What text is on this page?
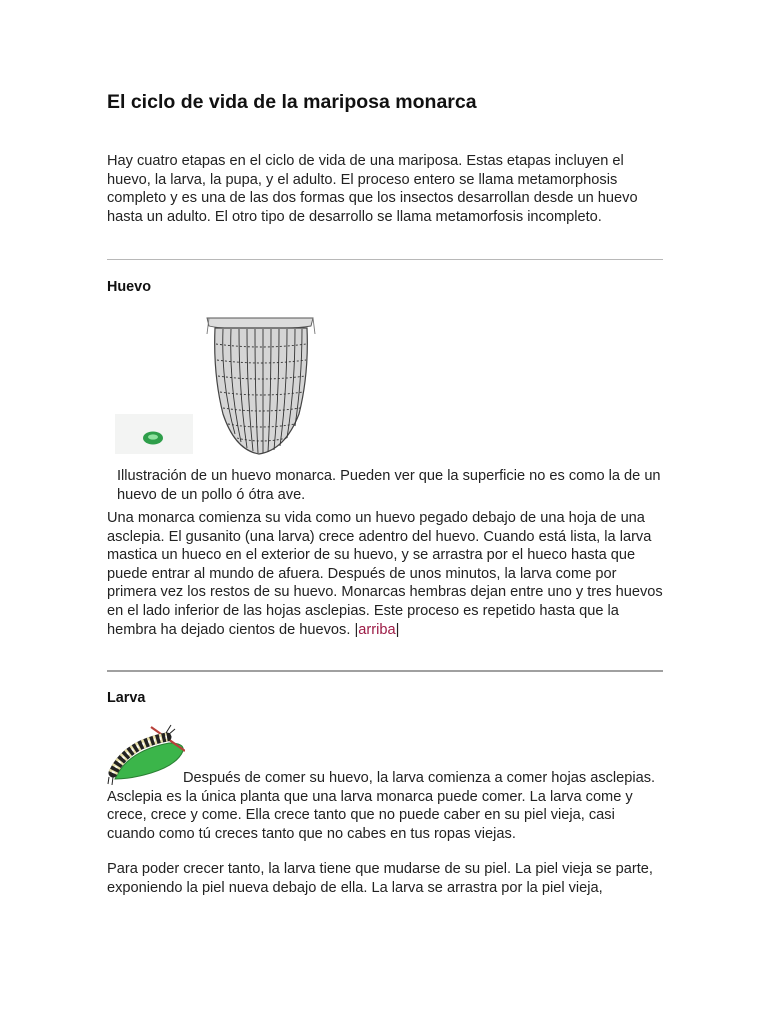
El ciclo de vida de la mariposa monarca

Hay cuatro etapas en el ciclo de vida de una mariposa. Estas etapas incluyen el huevo, la larva, la pupa, y el adulto. El proceso entero se llama metamorphosis completo y es una de las dos formas que los insectos desarrollan desde un huevo hasta un adulto. El otro tipo de desarrollo se llama metamorfosis incompleto.

Huevo

Illustración de un huevo monarca. Pueden ver que la superficie no es como la de un huevo de un pollo ó ótra ave.

Una monarca comienza su vida como un huevo pegado debajo de una hoja de una asclepia. El gusanito (una larva) crece adentro del huevo. Cuando está lista, la larva mastica un hueco en el exterior de su huevo, y se arrastra por el hueco hasta que puede entrar al mundo de afuera. Después de unos minutos, la larva come por primera vez los restos de su huevo. Monarcas hembras dejan entre uno y tres huevos en el lado inferior de las hojas asclepias. Este proceso es repetido hasta que la hembra ha dejado cientos de huevos. |arriba|

Larva

Después de comer su huevo, la larva comienza a comer hojas asclepias. Asclepia es la única planta que una larva monarca puede comer. La larva come y crece, crece y come. Ella crece tanto que no puede caber en su piel vieja, casi cuando como tú creces tanto que no cabes en tus ropas viejas.

Para poder crecer tanto, la larva tiene que mudarse de su piel. La piel vieja se parte, exponiendo la piel nueva debajo de ella. La larva se arrastra por la piel vieja,
